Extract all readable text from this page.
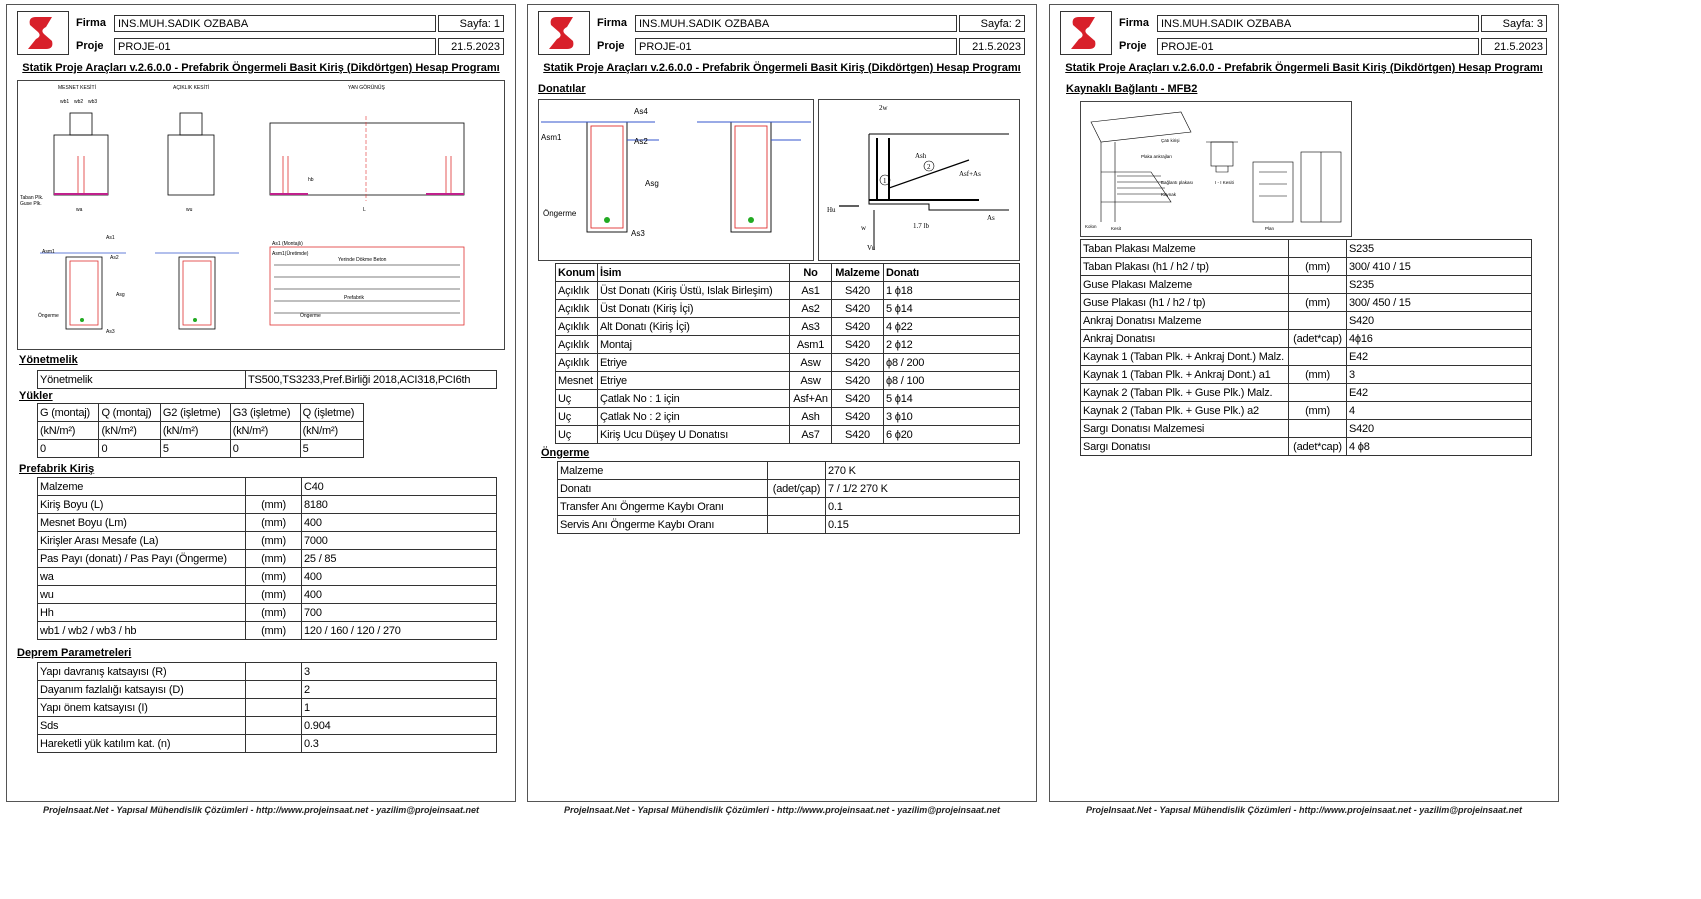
Firma
Proje
INS.MUH.SADIK OZBABA	Sayfa: 1
PROJE-01	21.5.2023
Statik Proje Araçları v.2.6.0.0 - Prefabrik Öngermeli Basit Kiriş (Dikdörtgen) Hesap Programı
MESNET KESİTİ	AÇIKLIK KESİTİ	YAN GÖRÜNÜŞ
wb1 wb2 wb3
wa
Taban Plk.
Guse Plk.
wu	L
hb
Asm1
As1
As2
Asg
As3
Öngerme
As1 (Montajlı)
Asm1(Üretimde)
Yerinde Dökme Beton
Prefabrik
Öngerme
Yönetmelik
Yönetmelik	TS500,TS3233,Pref.Birliği 2018,ACI318,PCI6th
Yükler
G (montaj)	Q (montaj)	G2 (işletme)	G3 (işletme)	Q (işletme)
(kN/m²)	(kN/m²)	(kN/m²)	(kN/m²)	(kN/m²)
0	0	5	0	5
Prefabrik Kiriş
Malzeme		C40
Kiriş Boyu (L)	(mm)	8180
Mesnet Boyu (Lm)	(mm)	400
Kirişler Arası Mesafe (La)	(mm)	7000
Pas Payı (donatı) / Pas Payı (Öngerme)	(mm)	25 / 85
wa	(mm)	400
wu	(mm)	400
Hh	(mm)	700
wb1 / wb2 / wb3 / hb	(mm)	120 / 160 / 120 / 270
Deprem Parametreleri
Yapı davranış katsayısı (R)		3
Dayanım fazlalığı katsayısı (D)		2
Yapı önem katsayısı (I)		1
Sds		0.904
Hareketli yük katılım kat. (n)		0.3
ProjeInsaat.Net - Yapısal Mühendislik Çözümleri - http://www.projeinsaat.net - yazilim@projeinsaat.net
Firma
Proje
INS.MUH.SADIK OZBABA	Sayfa: 2
PROJE-01	21.5.2023
Statik Proje Araçları v.2.6.0.0 - Prefabrik Öngermeli Basit Kiriş (Dikdörtgen) Hesap Programı
Donatılar
As4
As2
Asm1
Asg
As3
Öngerme
2w
Ash
Asf+As
Hu
w
Vu
1.7 lb
As
1
2
Konum	İsim	No	Malzeme	Donatı
Açıklık	Üst Donatı (Kiriş Üstü, Islak Birleşim)	As1	S420	1 ϕ18
Açıklık	Üst Donatı (Kiriş İçi)	As2	S420	5 ϕ14
Açıklık	Alt Donatı (Kiriş İçi)	As3	S420	4 ϕ22
Açıklık	Montaj	Asm1	S420	2 ϕ12
Açıklık	Etriye	Asw	S420	ϕ8 / 200
Mesnet	Etriye	Asw	S420	ϕ8 / 100
Uç	Çatlak No : 1 için	Asf+An	S420	5 ϕ14
Uç	Çatlak No : 2 için	Ash	S420	3 ϕ10
Uç	Kiriş Ucu Düşey U Donatısı	As7	S420	6 ϕ20
Öngerme
Malzeme		270 K
Donatı	(adet/çap)	7 / 1/2 270 K
Transfer Anı Öngerme Kaybı Oranı		0.1
Servis Anı Öngerme Kaybı Oranı		0.15
ProjeInsaat.Net - Yapısal Mühendislik Çözümleri - http://www.projeinsaat.net - yazilim@projeinsaat.net
Firma
Proje
INS.MUH.SADIK OZBABA	Sayfa: 3
PROJE-01	21.5.2023
Statik Proje Araçları v.2.6.0.0 - Prefabrik Öngermeli Basit Kiriş (Dikdörtgen) Hesap Programı
Kaynaklı Bağlantı - MFB2
Çatı kirişi
Plaka ankrajları
Bağlantı plakası
Kaynak
Kesit	Plan
Kolon
I - I Kesiti
Taban Plakası Malzeme		S235
Taban Plakası (h1 / h2 / tp)	(mm)	300/ 410 / 15
Guse Plakası Malzeme		S235
Guse Plakası (h1 / h2 / tp)	(mm)	300/ 450 / 15
Ankraj Donatısı Malzeme		S420
Ankraj Donatısı	(adet*cap)	4ϕ16
Kaynak 1 (Taban Plk. + Ankraj Dont.) Malz.		E42
Kaynak 1 (Taban Plk. + Ankraj Dont.) a1	(mm)	3
Kaynak 2 (Taban Plk. + Guse Plk.) Malz.		E42
Kaynak 2 (Taban Plk. + Guse Plk.) a2	(mm)	4
Sargı Donatısı Malzemesi		S420
Sargı Donatısı	(adet*cap)	4 ϕ8
ProjeInsaat.Net - Yapısal Mühendislik Çözümleri - http://www.projeinsaat.net - yazilim@projeinsaat.net
